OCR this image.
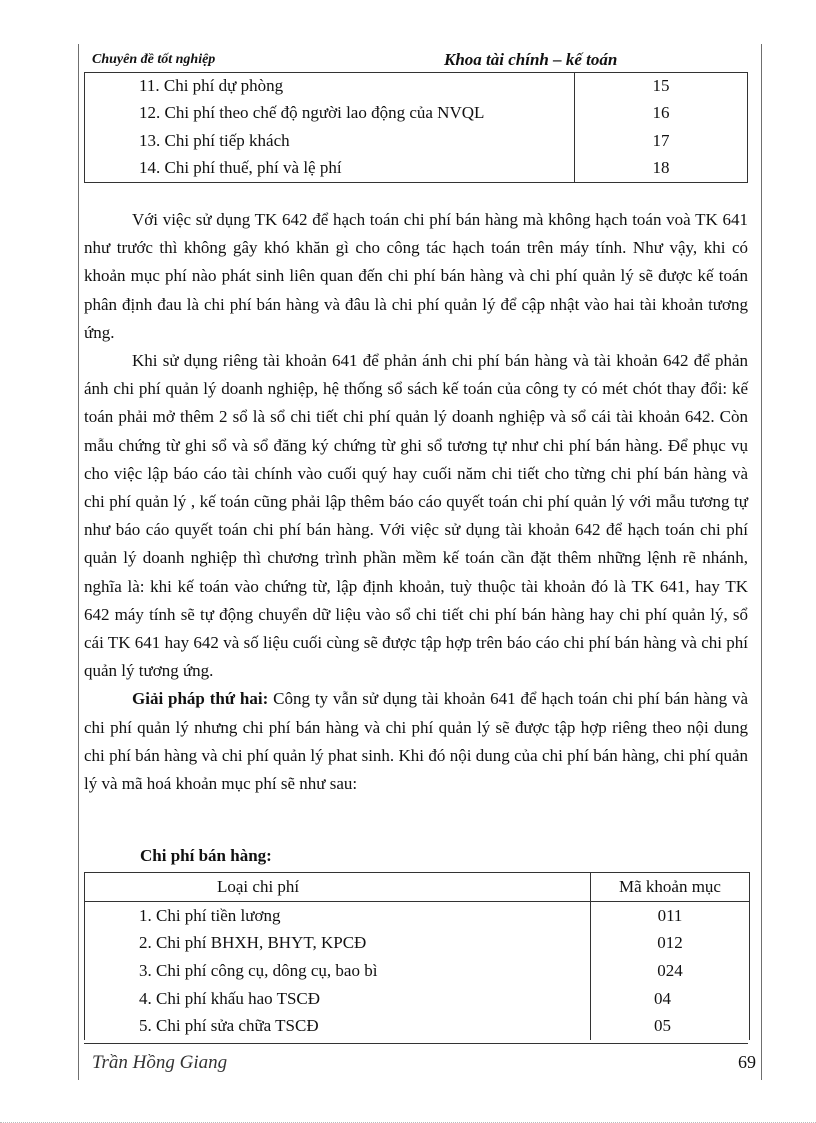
Chuyên đề tốt nghiệp	Khoa tài chính – kế toán
11. Chi phí dự phòng	15
12. Chi phí theo chế độ người lao động của NVQL	16
13. Chi phí tiếp khách	17
14. Chi phí thuế, phí và lệ phí	18

Với việc sử dụng TK 642 để hạch toán chi phí bán hàng mà không hạch toán voà TK 641 như trước thì không gây khó khăn gì cho công tác hạch toán trên máy tính. Như vậy, khi có khoản mục phí nào phát sinh liên quan đến chi phí bán hàng và chi phí quản lý sẽ được kế toán phân định đau là chi phí bán hàng và đâu là chi phí quản lý để cập nhật vào hai tài khoản tương ứng.

Khi sử dụng riêng tài khoản 641 để phản ánh chi phí bán hàng và tài khoản 642 để phản ánh chi phí quản lý doanh nghiệp, hệ thống sổ sách kế toán của công ty có mét chót thay đổi: kế toán phải mở thêm 2 sổ là sổ chi tiết chi phí quản lý doanh nghiệp và sổ cái tài khoản 642. Còn mẫu chứng từ ghi sổ và sổ đăng ký chứng từ ghi sổ tương tự như chi phí bán hàng. Để phục vụ cho việc lập báo cáo tài chính vào cuối quý hay cuối năm chi tiết cho từng chi phí bán hàng và chi phí quản lý , kế toán cũng phải lập thêm báo cáo quyết toán chi phí quản lý với mẫu tương tự như báo cáo quyết toán chi phí bán hàng. Với việc sử dụng tài khoản 642 để hạch toán chi phí quản lý doanh nghiệp thì chương trình phần mềm kế toán cần đặt thêm những lệnh rẽ nhánh, nghĩa là: khi kế toán vào chứng từ, lập định khoản, tuỳ thuộc tài khoản đó là TK 641, hay TK 642 máy tính sẽ tự động chuyển dữ liệu vào sổ chi tiết chi phí bán hàng hay chi phí quản lý, sổ cái TK 641 hay 642 và số liệu cuối cùng sẽ được tập hợp trên báo cáo chi phí bán hàng và chi phí quản lý tương ứng.

Giải pháp thứ hai: Công ty vẫn sử dụng tài khoản 641 để hạch toán chi phí bán hàng và chi phí quản lý nhưng chi phí bán hàng và chi phí quản lý sẽ được tập hợp riêng theo nội dung chi phí bán hàng và chi phí quản lý phat sinh. Khi đó nội dung của chi phí bán hàng, chi phí quản lý và mã hoá khoản mục phí sẽ như sau:

Chi phí bán hàng:
Loại chi phí	Mã khoản mục
1. Chi phí tiền lương	011
2. Chi phí BHXH, BHYT, KPCĐ	012
3. Chi phí công cụ, dông cụ, bao bì	024
4. Chi phí khấu hao TSCĐ	04
5. Chi phí sửa chữa TSCĐ	05
Trần Hồng Giang	69
